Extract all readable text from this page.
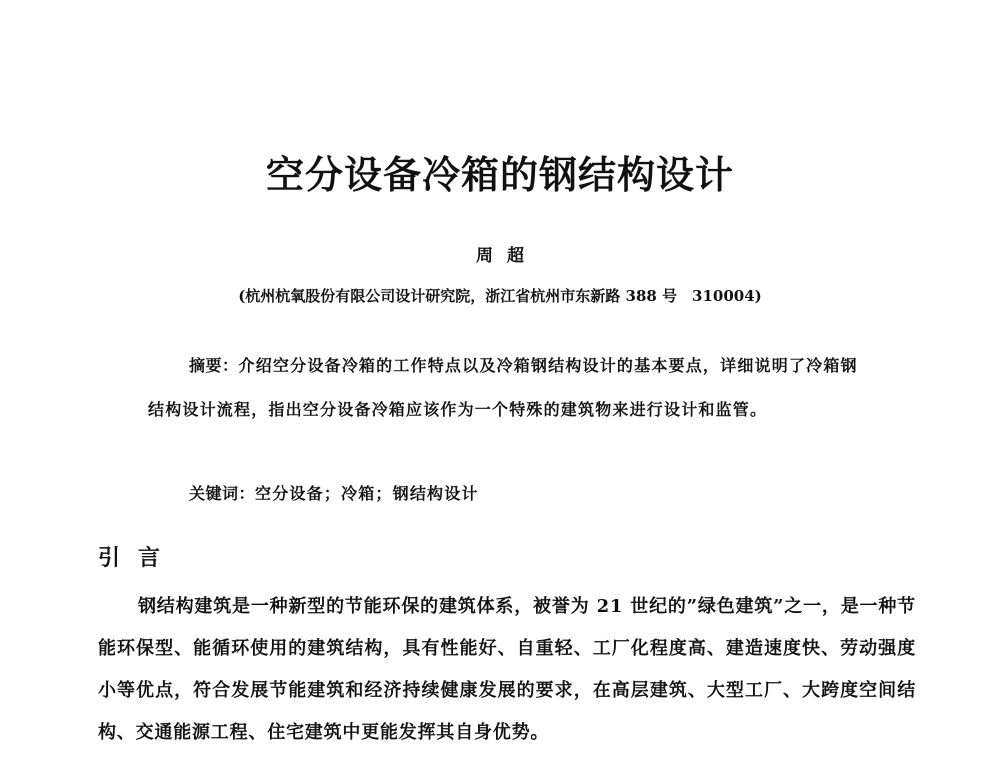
空分设备冷箱的钢结构设计
周超
(杭州杭氧股份有限公司设计研究院，浙江省杭州市东新路 388 号　310004)
摘要：介绍空分设备冷箱的工作特点以及冷箱钢结构设计的基本要点，详细说明了冷箱钢结构设计流程，指出空分设备冷箱应该作为一个特殊的建筑物来进行设计和监管。
关键词：空分设备；冷箱；钢结构设计
引言
钢结构建筑是一种新型的节能环保的建筑体系，被誉为 21 世纪的”绿色建筑”之一，是一种节能环保型、能循环使用的建筑结构，具有性能好、自重轻、工厂化程度高、建造速度快、劳动强度小等优点，符合发展节能建筑和经济持续健康发展的要求，在高层建筑、大型工厂、大跨度空间结构、交通能源工程、住宅建筑中更能发挥其自身优势。
